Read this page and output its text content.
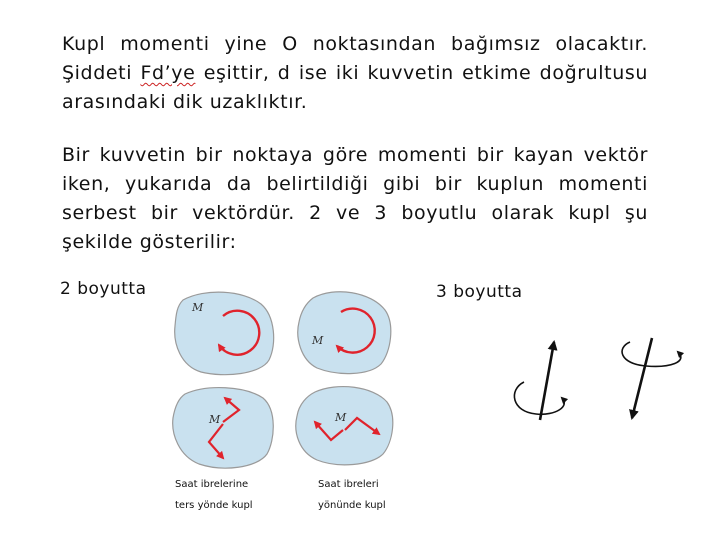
Kupl momenti yine O noktasından bağımsız olacaktır. Şiddeti Fd’ye eşittir, d ise iki kuvvetin etkime doğrultusu arasındaki dik uzaklıktır.

Bir kuvvetin bir noktaya göre momenti bir kayan vektör iken, yukarıda da belirtildiği gibi bir kuplun momenti serbest bir vektördür. 2 ve 3 boyutlu olarak kupl şu şekilde gösterilir:

2 boyutta	3 boyutta
M
M
M	M
Saat ibrelerine
ters yönde kupl
Saat ibreleri
yönünde kupl
